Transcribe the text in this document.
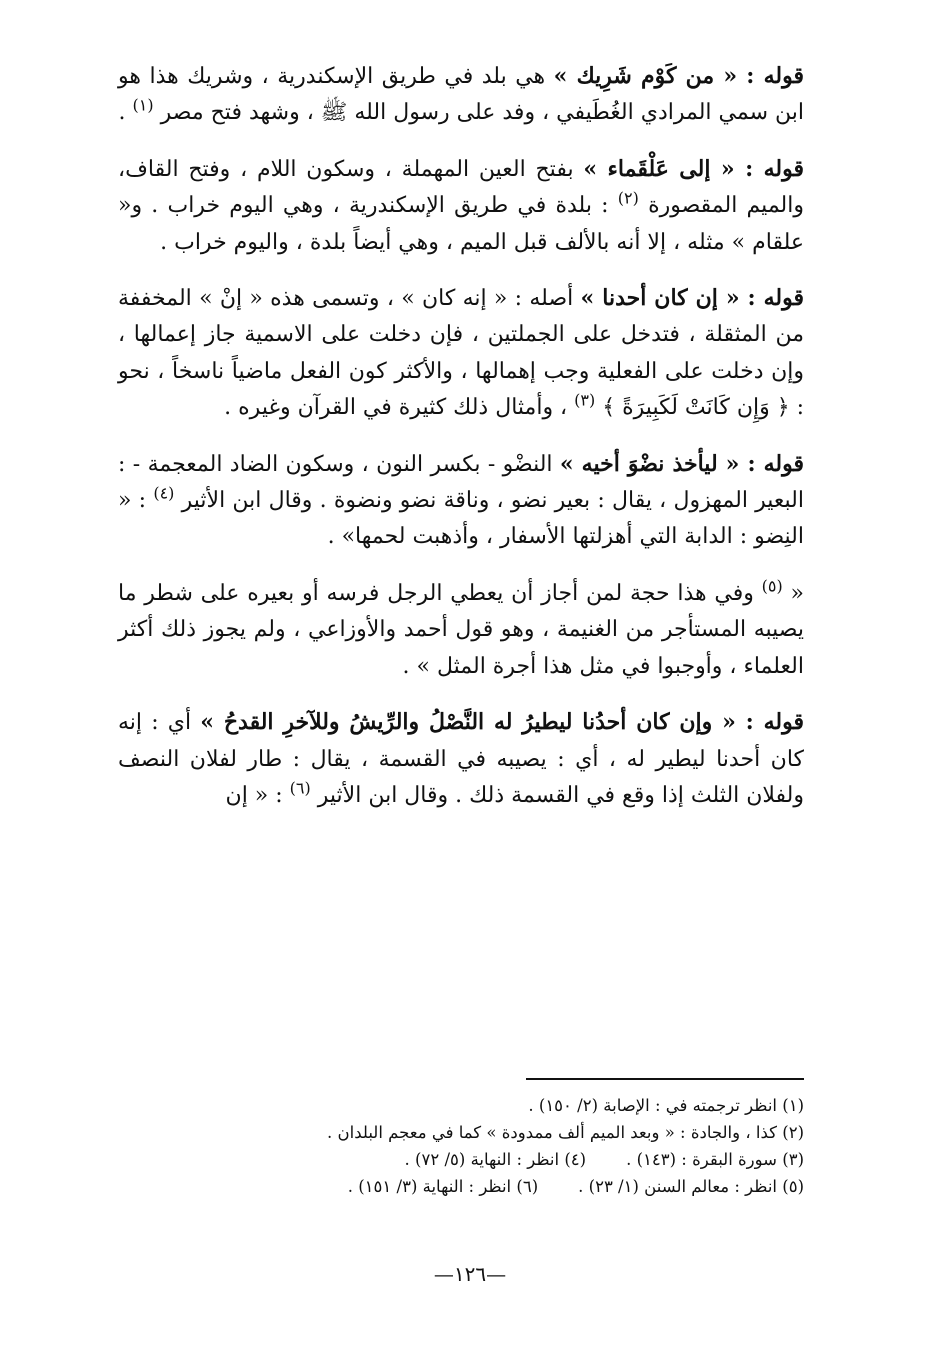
قوله : « من كَوْم شَرِيك » هي بلد في طريق الإسكندرية ، وشريك هذا هو ابن سمي المرادي الغُطَيفي ، وفد على رسول الله ﷺ ، وشهد فتح مصر $^{(١)}$ .

قوله : « إلى عَلْقَماء » بفتح العين المهملة ، وسكون اللام ، وفتح القاف، والميم المقصورة $^{(٢)}$ : بلدة في طريق الإسكندرية ، وهي اليوم خراب . و« علقام » مثله ، إلا أنه بالألف قبل الميم ، وهي أيضاً بلدة ، واليوم خراب .

قوله : « إن كان أحدنا » أصله : « إنه كان » ، وتسمى هذه « إنْ » المخففة من المثقلة ، فتدخل على الجملتين ، فإن دخلت على الاسمية جاز إعمالها ، وإن دخلت على الفعلية وجب إهمالها ، والأكثر كون الفعل ماضياً ناسخاً ، نحو : ﴿ وَإِن كَانَتْ لَكَبِيرَةً ﴾ $^{(٣)}$ ، وأمثال ذلك كثيرة في القرآن وغيره .

قوله : « ليأخذ نضْوَ أخيه » النضْو - بكسر النون ، وسكون الضاد المعجمة - : البعير المهزول ، يقال : بعير نضو ، وناقة نضو ونضوة . وقال ابن الأثير $^{(٤)}$ : « النِضو : الدابة التي أهزلتها الأسفار ، وأذهبت لحمها» .

« $^{(٥)}$ وفي هذا حجة لمن أجاز أن يعطي الرجل فرسه أو بعيره على شطر ما يصيبه المستأجر من الغنيمة ، وهو قول أحمد والأوزاعي ، ولم يجوز ذلك أكثر العلماء ، وأوجبوا في مثل هذا أجرة المثل » .

قوله : « وإن كان أحدُنا ليطيرُ له النَّصْلُ والرِّيشُ وللآخرِ القدحُ » أي : إنه كان أحدنا ليطير له ، أي : يصيبه في القسمة ، يقال : طار لفلان النصف ولفلان الثلث إذا وقع في القسمة ذلك . وقال ابن الأثير $^{(٦)}$ : « إن

(١) انظر ترجمته في : الإصابة (٢/ ١٥٠) .
(٢) كذا ، والجادة : « وبعد الميم ألف ممدودة » كما في معجم البلدان .
(٣) سورة البقرة : (١٤٣) .(٤) انظر : النهاية (٥/ ٧٢) .
(٥) انظر : معالم السنن (١/ ٢٣) .(٦) انظر : النهاية (٣/ ١٥١) .
—١٢٦—
